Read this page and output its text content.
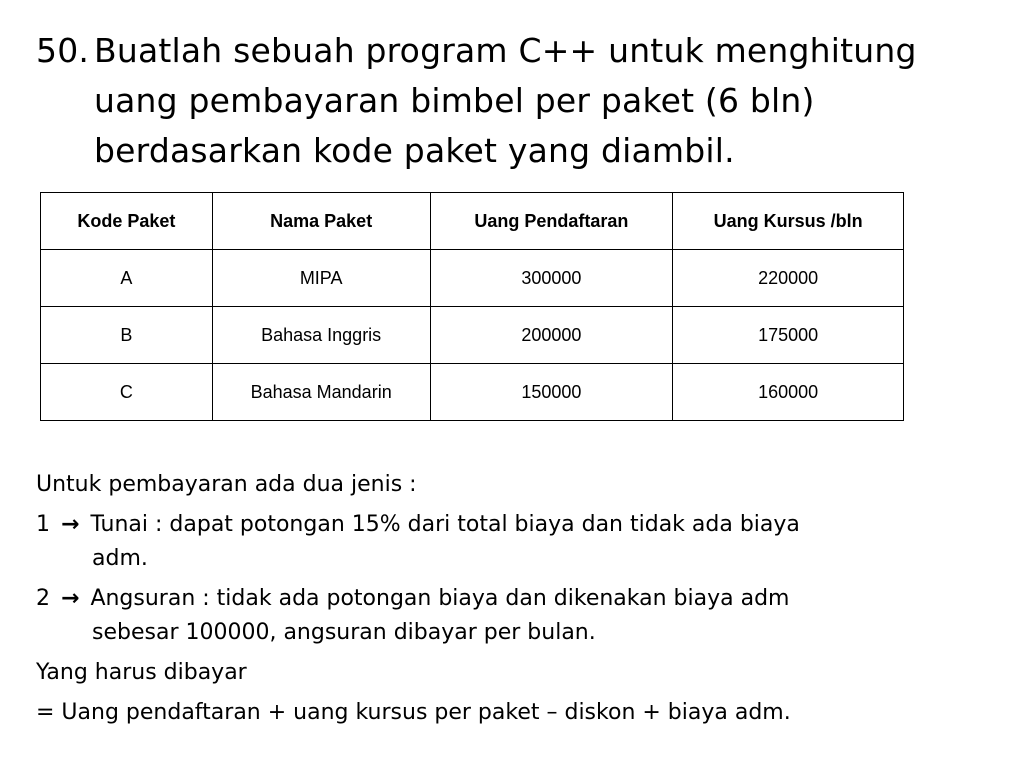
50. Buatlah sebuah program C++ untuk menghitung
uang pembayaran bimbel per paket (6 bln)
berdasarkan kode paket yang diambil.
Kode Paket	Nama Paket	Uang Pendaftaran	Uang Kursus /bln
A	MIPA	300000	220000
B	Bahasa Inggris	200000	175000
C	Bahasa Mandarin	150000	160000

Untuk pembayaran ada dua jenis :

1 → Tunai : dapat potongan 15% dari total biaya dan tidak ada biaya
adm.
2 → Angsuran : tidak ada potongan biaya dan dikenakan biaya adm
sebesar 100000, angsuran dibayar per bulan.

Yang harus dibayar

= Uang pendaftaran + uang kursus per paket – diskon + biaya adm.
